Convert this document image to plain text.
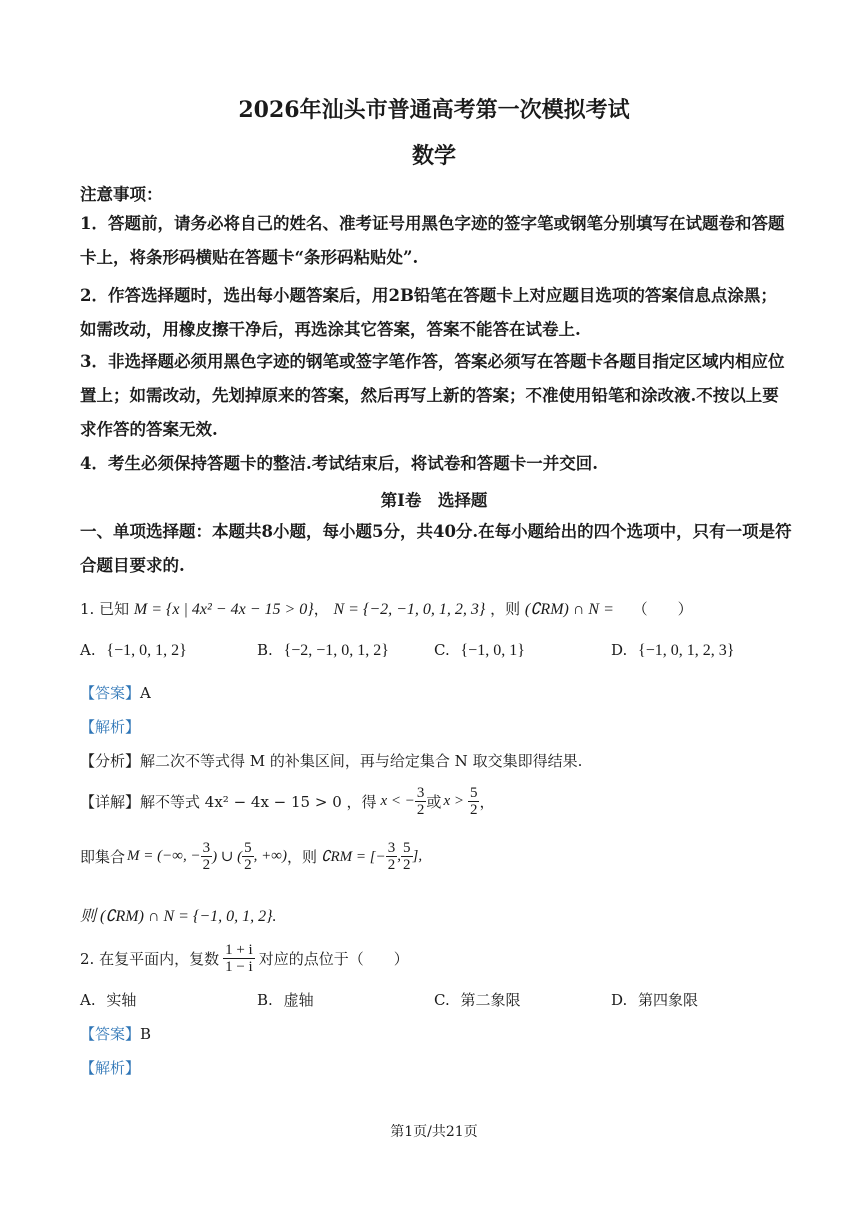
2026年汕头市普通高考第一次模拟考试
数学
注意事项：
1．答题前，请务必将自己的姓名、准考证号用黑色字迹的签字笔或钢笔分别填写在试题卷和答题卡上，将条形码横贴在答题卡“条形码粘贴处”.
2．作答选择题时，选出每小题答案后，用2B铅笔在答题卡上对应题目选项的答案信息点涂黑；如需改动，用橡皮擦干净后，再选涂其它答案，答案不能答在试卷上.
3．非选择题必须用黑色字迹的钢笔或签字笔作答，答案必须写在答题卡各题目指定区域内相应位置上；如需改动，先划掉原来的答案，然后再写上新的答案；不准使用铅笔和涂改液.不按以上要求作答的答案无效.
4．考生必须保持答题卡的整洁.考试结束后，将试卷和答题卡一并交回.
第Ⅰ卷　选择题
一、单项选择题：本题共8小题，每小题5分，共40分.在每小题给出的四个选项中，只有一项是符合题目要求的.
1. 已知 M = {x | 4x² − 4x − 15 > 0}， N = {−2, −1, 0, 1, 2, 3} ，则 (∁RM) ∩ N = （　　）
A. {−1, 0, 1, 2}	B. {−2, −1, 0, 1, 2}	C. {−1, 0, 1}	D. {−1, 0, 1, 2, 3}
【答案】A
【解析】
【分析】解二次不等式得 M 的补集区间，再与给定集合 N 取交集即得结果.
【详解】 解不等式 4x² − 4x − 15 > 0 ，得 x < − $\frac{3}{2}$ 或 $x > \frac{5}{2}$ ，
即集合 M = (−∞, − $\frac{3}{2}$ ) ∪ ( $\frac{5}{2}$ , +∞) ，则 ∁RM = [− $\frac{3}{2}$ , $\frac{5}{2}$ ],
则 (∁RM) ∩ N = {−1, 0, 1, 2}.
2. 在复平面内，复数 $\frac{1 + i}{1 - i}$ 对应的点位于（　　）
A. 实轴	B. 虚轴	C. 第二象限	D. 第四象限
【答案】B
【解析】
第1页/共21页
